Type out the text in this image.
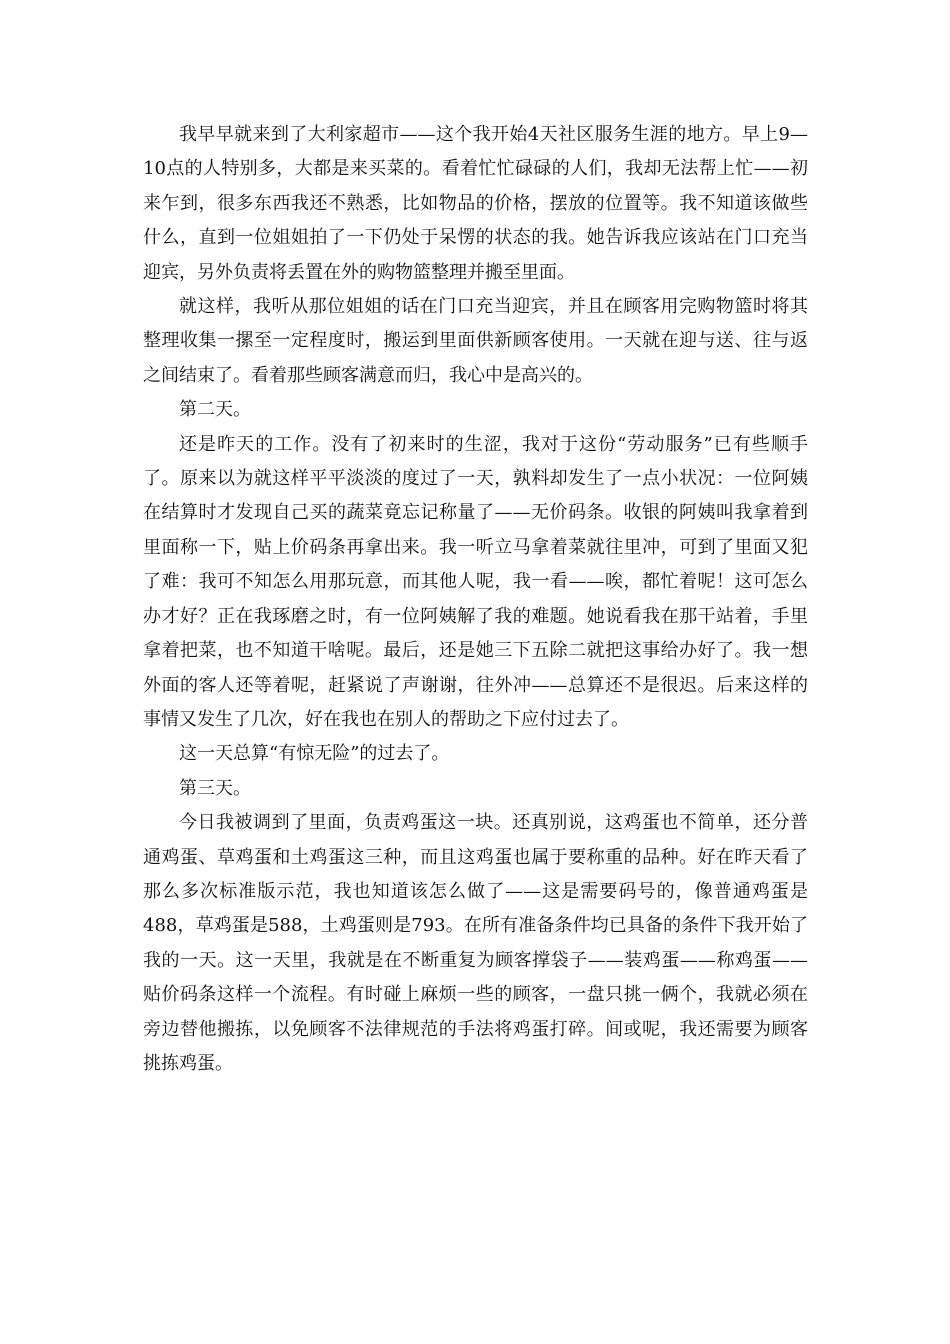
我早早就来到了大利家超市——这个我开始4天社区服务生涯的地方。早上9—10点的人特别多，大都是来买菜的。看着忙忙碌碌的人们，我却无法帮上忙——初来乍到，很多东西我还不熟悉，比如物品的价格，摆放的位置等。我不知道该做些什么，直到一位姐姐拍了一下仍处于呆愣的状态的我。她告诉我应该站在门口充当迎宾，另外负责将丢置在外的购物篮整理并搬至里面。

就这样，我听从那位姐姐的话在门口充当迎宾，并且在顾客用完购物篮时将其整理收集一摞至一定程度时，搬运到里面供新顾客使用。一天就在迎与送、往与返之间结束了。看着那些顾客满意而归，我心中是高兴的。

第二天。

还是昨天的工作。没有了初来时的生涩，我对于这份“劳动服务”已有些顺手了。原来以为就这样平平淡淡的度过了一天，孰料却发生了一点小状况：一位阿姨在结算时才发现自己买的蔬菜竟忘记称量了——无价码条。收银的阿姨叫我拿着到里面称一下，贴上价码条再拿出来。我一听立马拿着菜就往里冲，可到了里面又犯了难：我可不知怎么用那玩意，而其他人呢，我一看——唉，都忙着呢！这可怎么办才好？正在我琢磨之时，有一位阿姨解了我的难题。她说看我在那干站着，手里拿着把菜，也不知道干啥呢。最后，还是她三下五除二就把这事给办好了。我一想外面的客人还等着呢，赶紧说了声谢谢，往外冲——总算还不是很迟。后来这样的事情又发生了几次，好在我也在别人的帮助之下应付过去了。

这一天总算“有惊无险”的过去了。

第三天。

今日我被调到了里面，负责鸡蛋这一块。还真别说，这鸡蛋也不简单，还分普通鸡蛋、草鸡蛋和土鸡蛋这三种，而且这鸡蛋也属于要称重的品种。好在昨天看了那么多次标准版示范，我也知道该怎么做了——这是需要码号的，像普通鸡蛋是488，草鸡蛋是588，土鸡蛋则是793。在所有准备条件均已具备的条件下我开始了我的一天。这一天里，我就是在不断重复为顾客撑袋子——装鸡蛋——称鸡蛋——贴价码条这样一个流程。有时碰上麻烦一些的顾客，一盘只挑一俩个，我就必须在旁边替他搬拣，以免顾客不法律规范的手法将鸡蛋打碎。间或呢，我还需要为顾客挑拣鸡蛋。
